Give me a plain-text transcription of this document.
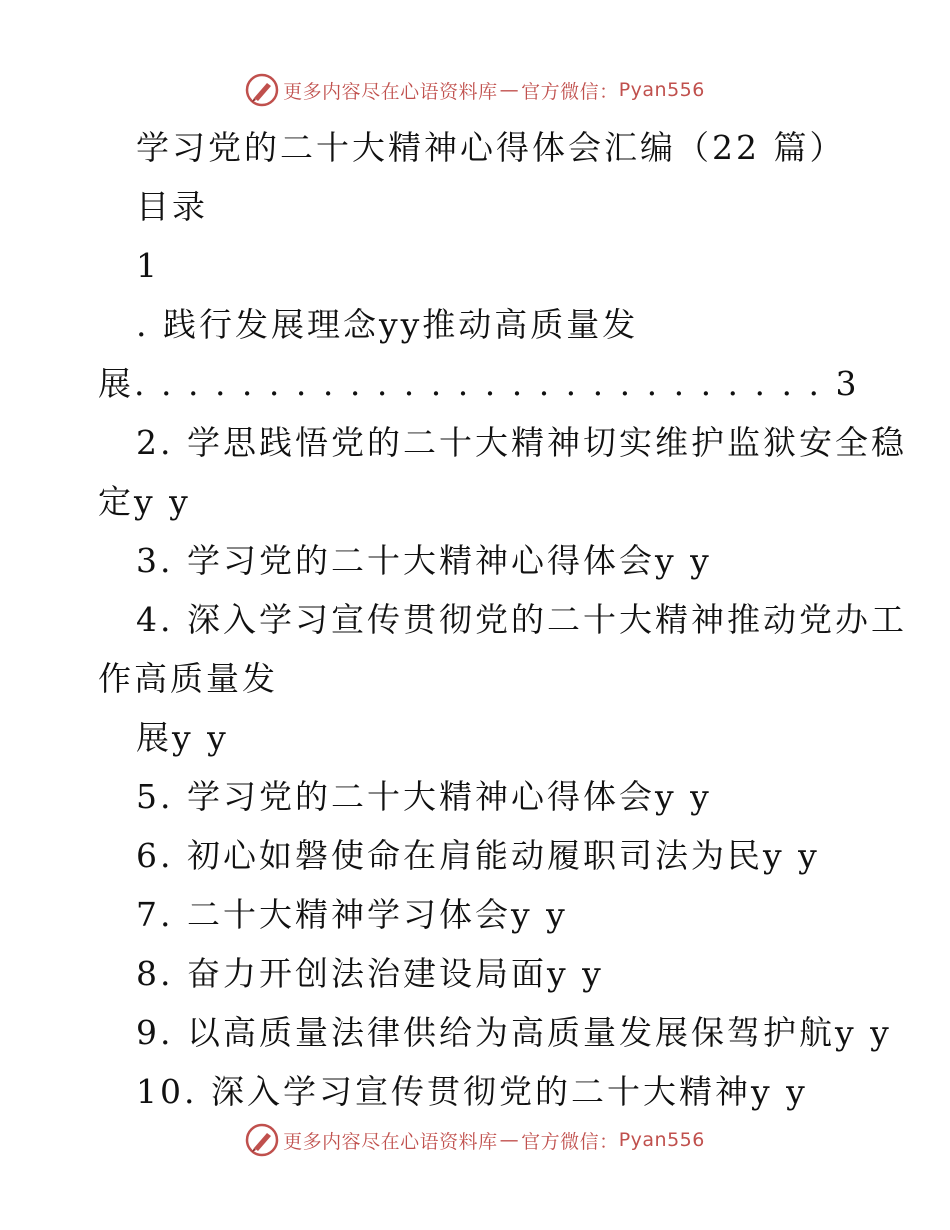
更多内容尽在心语资料库 — 官方微信： Pyan556
学习党的二十大精神心得体会汇编（22 篇）
目录
1
. 践行发展理念yy推动高质量发
展. . . . . . . . . . . . . . . . . . . . . . . . . . 3
2. 学思践悟党的二十大精神切实维护监狱安全稳
定y y
3. 学习党的二十大精神心得体会y y
4. 深入学习宣传贯彻党的二十大精神推动党办工
作高质量发
展y y
5. 学习党的二十大精神心得体会y y
6. 初心如磐使命在肩能动履职司法为民y y
7. 二十大精神学习体会y y
8. 奋力开创法治建设局面y y
9. 以高质量法律供给为高质量发展保驾护航y y
10. 深入学习宣传贯彻党的二十大精神y y
更多内容尽在心语资料库 — 官方微信： Pyan556
